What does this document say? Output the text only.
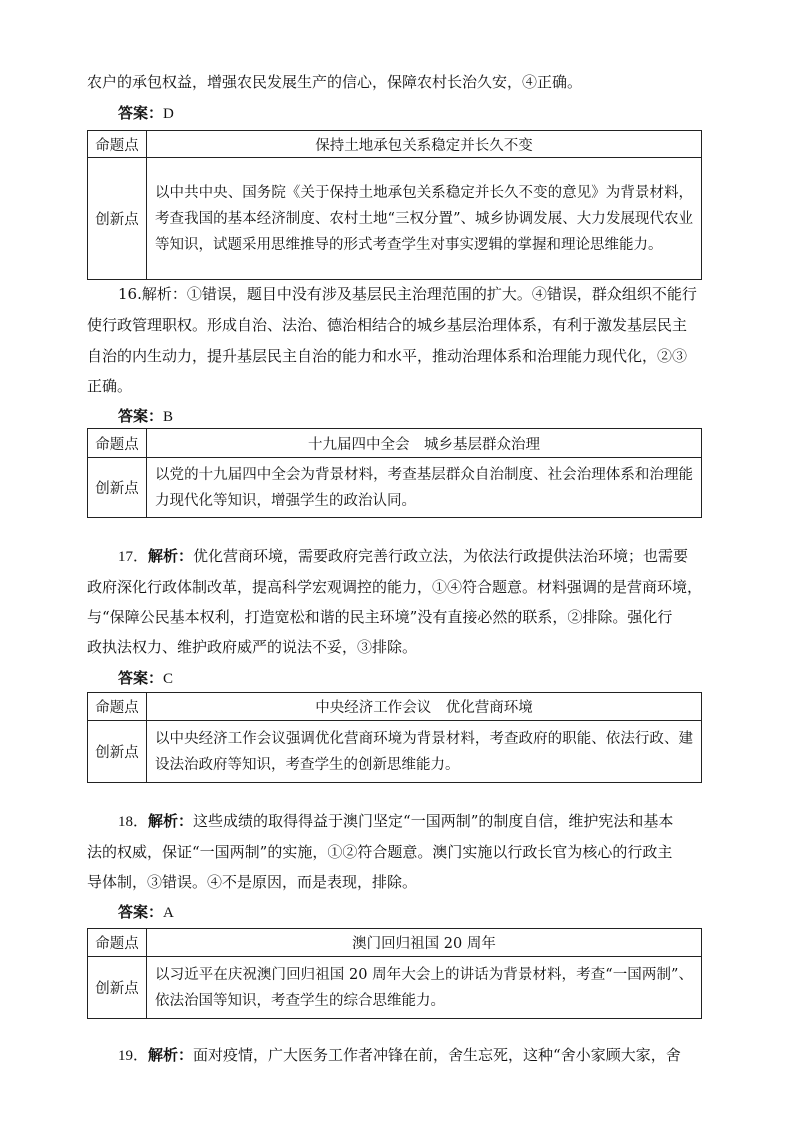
农户的承包权益，增强农民发展生产的信心，保障农村长治久安，④正确。
答案：D
命题点	保持土地承包关系稳定并长久不变
创新点	以中共中央、国务院《关于保持土地承包关系稳定并长久不变的意见》为背景材料，考查我国的基本经济制度、农村土地“三权分置”、城乡协调发展、大力发展现代农业等知识，试题采用思维推导的形式考查学生对事实逻辑的掌握和理论思维能力。
16.解析：①错误，题目中没有涉及基层民主治理范围的扩大。④错误，群众组织不能行
使行政管理职权。形成自治、法治、德治相结合的城乡基层治理体系，有利于激发基层民主
自治的内生动力，提升基层民主自治的能力和水平，推动治理体系和治理能力现代化，②③
正确。
答案：B
命题点	十九届四中全会　城乡基层群众治理
创新点	以党的十九届四中全会为背景材料，考查基层群众自治制度、社会治理体系和治理能力现代化等知识，增强学生的政治认同。
17．解析：优化营商环境，需要政府完善行政立法，为依法行政提供法治环境；也需要
政府深化行政体制改革，提高科学宏观调控的能力，①④符合题意。材料强调的是营商环境，
与“保障公民基本权利，打造宽松和谐的民主环境”没有直接必然的联系，②排除。强化行
政执法权力、维护政府威严的说法不妥，③排除。
答案：C
命题点	中央经济工作会议　优化营商环境
创新点	以中央经济工作会议强调优化营商环境为背景材料，考查政府的职能、依法行政、建设法治政府等知识，考查学生的创新思维能力。
18．解析：这些成绩的取得得益于澳门坚定“一国两制”的制度自信，维护宪法和基本
法的权威，保证“一国两制”的实施，①②符合题意。澳门实施以行政长官为核心的行政主
导体制，③错误。④不是原因，而是表现，排除。
答案：A
命题点	澳门回归祖国 20 周年
创新点	以习近平在庆祝澳门回归祖国 20 周年大会上的讲话为背景材料，考查“一国两制”、依法治国等知识，考查学生的综合思维能力。
19．解析：面对疫情，广大医务工作者冲锋在前，舍生忘死，这种“舍小家顾大家，舍
